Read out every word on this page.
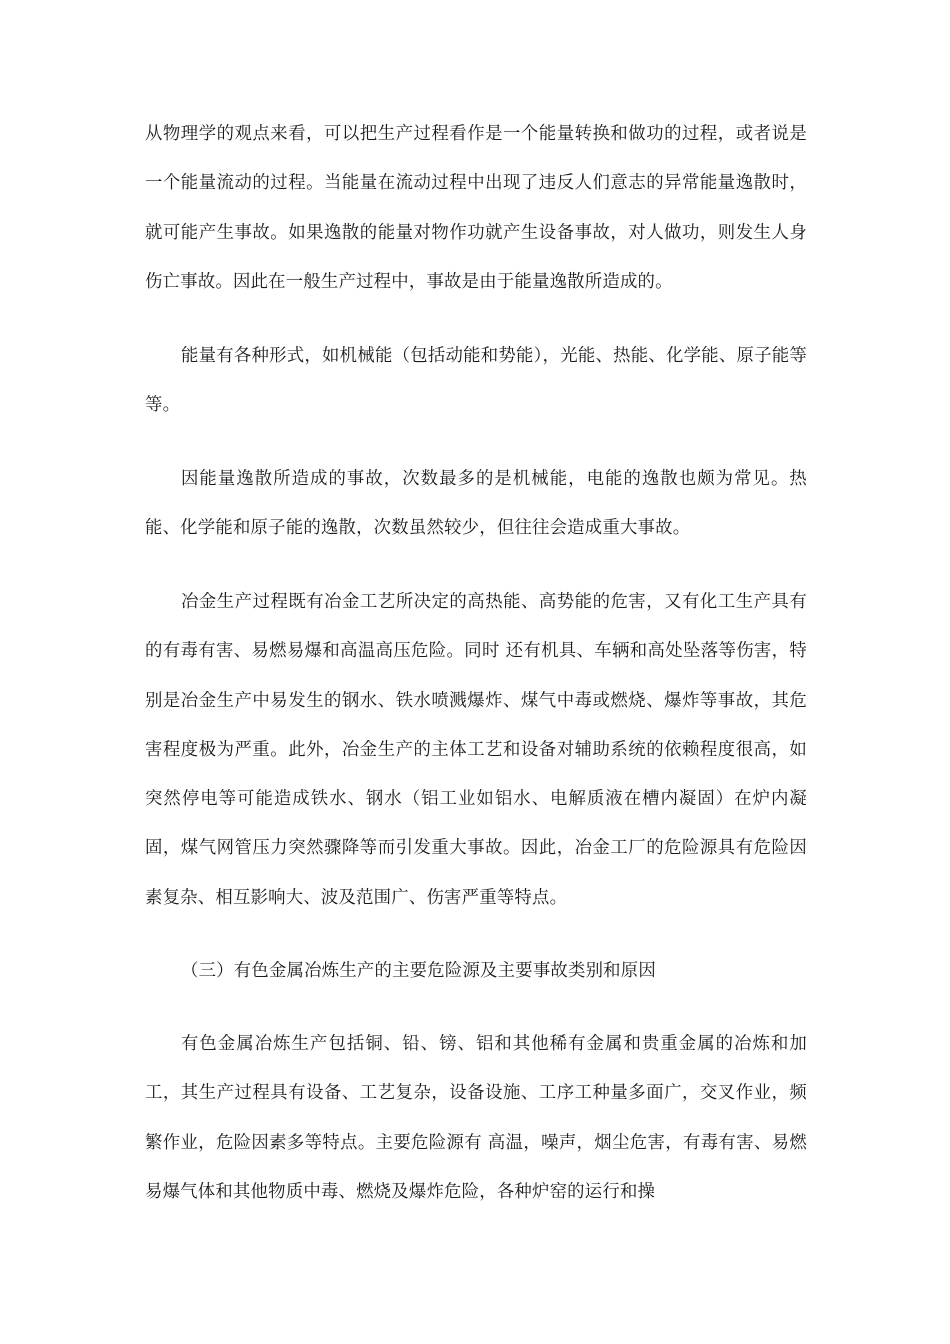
从物理学的观点来看，可以把生产过程看作是一个能量转换和做功的过程，或者说是一个能量流动的过程。当能量在流动过程中出现了违反人们意志的异常能量逸散时，就可能产生事故。如果逸散的能量对物作功就产生设备事故，对人做功，则发生人身伤亡事故。因此在一般生产过程中，事故是由于能量逸散所造成的。

能量有各种形式，如机械能（包括动能和势能），光能、热能、化学能、原子能等等。

因能量逸散所造成的事故，次数最多的是机械能，电能的逸散也颇为常见。热能、化学能和原子能的逸散，次数虽然较少，但往往会造成重大事故。

冶金生产过程既有冶金工艺所决定的高热能、高势能的危害，又有化工生产具有的有毒有害、易燃易爆和高温高压危险。同时 还有机具、车辆和高处坠落等伤害，特别是冶金生产中易发生的钢水、铁水喷溅爆炸、煤气中毒或燃烧、爆炸等事故，其危害程度极为严重。此外，冶金生产的主体工艺和设备对辅助系统的依赖程度很高，如突然停电等可能造成铁水、钢水（铝工业如铝水、电解质液在槽内凝固）在炉内凝固，煤气网管压力突然骤降等而引发重大事故。因此，冶金工厂的危险源具有危险因素复杂、相互影响大、波及范围广、伤害严重等特点。

（三）有色金属冶炼生产的主要危险源及主要事故类别和原因

有色金属冶炼生产包括铜、铅、镑、铝和其他稀有金属和贵重金属的冶炼和加工，其生产过程具有设备、工艺复杂，设备设施、工序工种量多面广，交叉作业，频繁作业，危险因素多等特点。主要危险源有 高温，噪声，烟尘危害，有毒有害、易燃易爆气体和其他物质中毒、燃烧及爆炸危险，各种炉窑的运行和操
